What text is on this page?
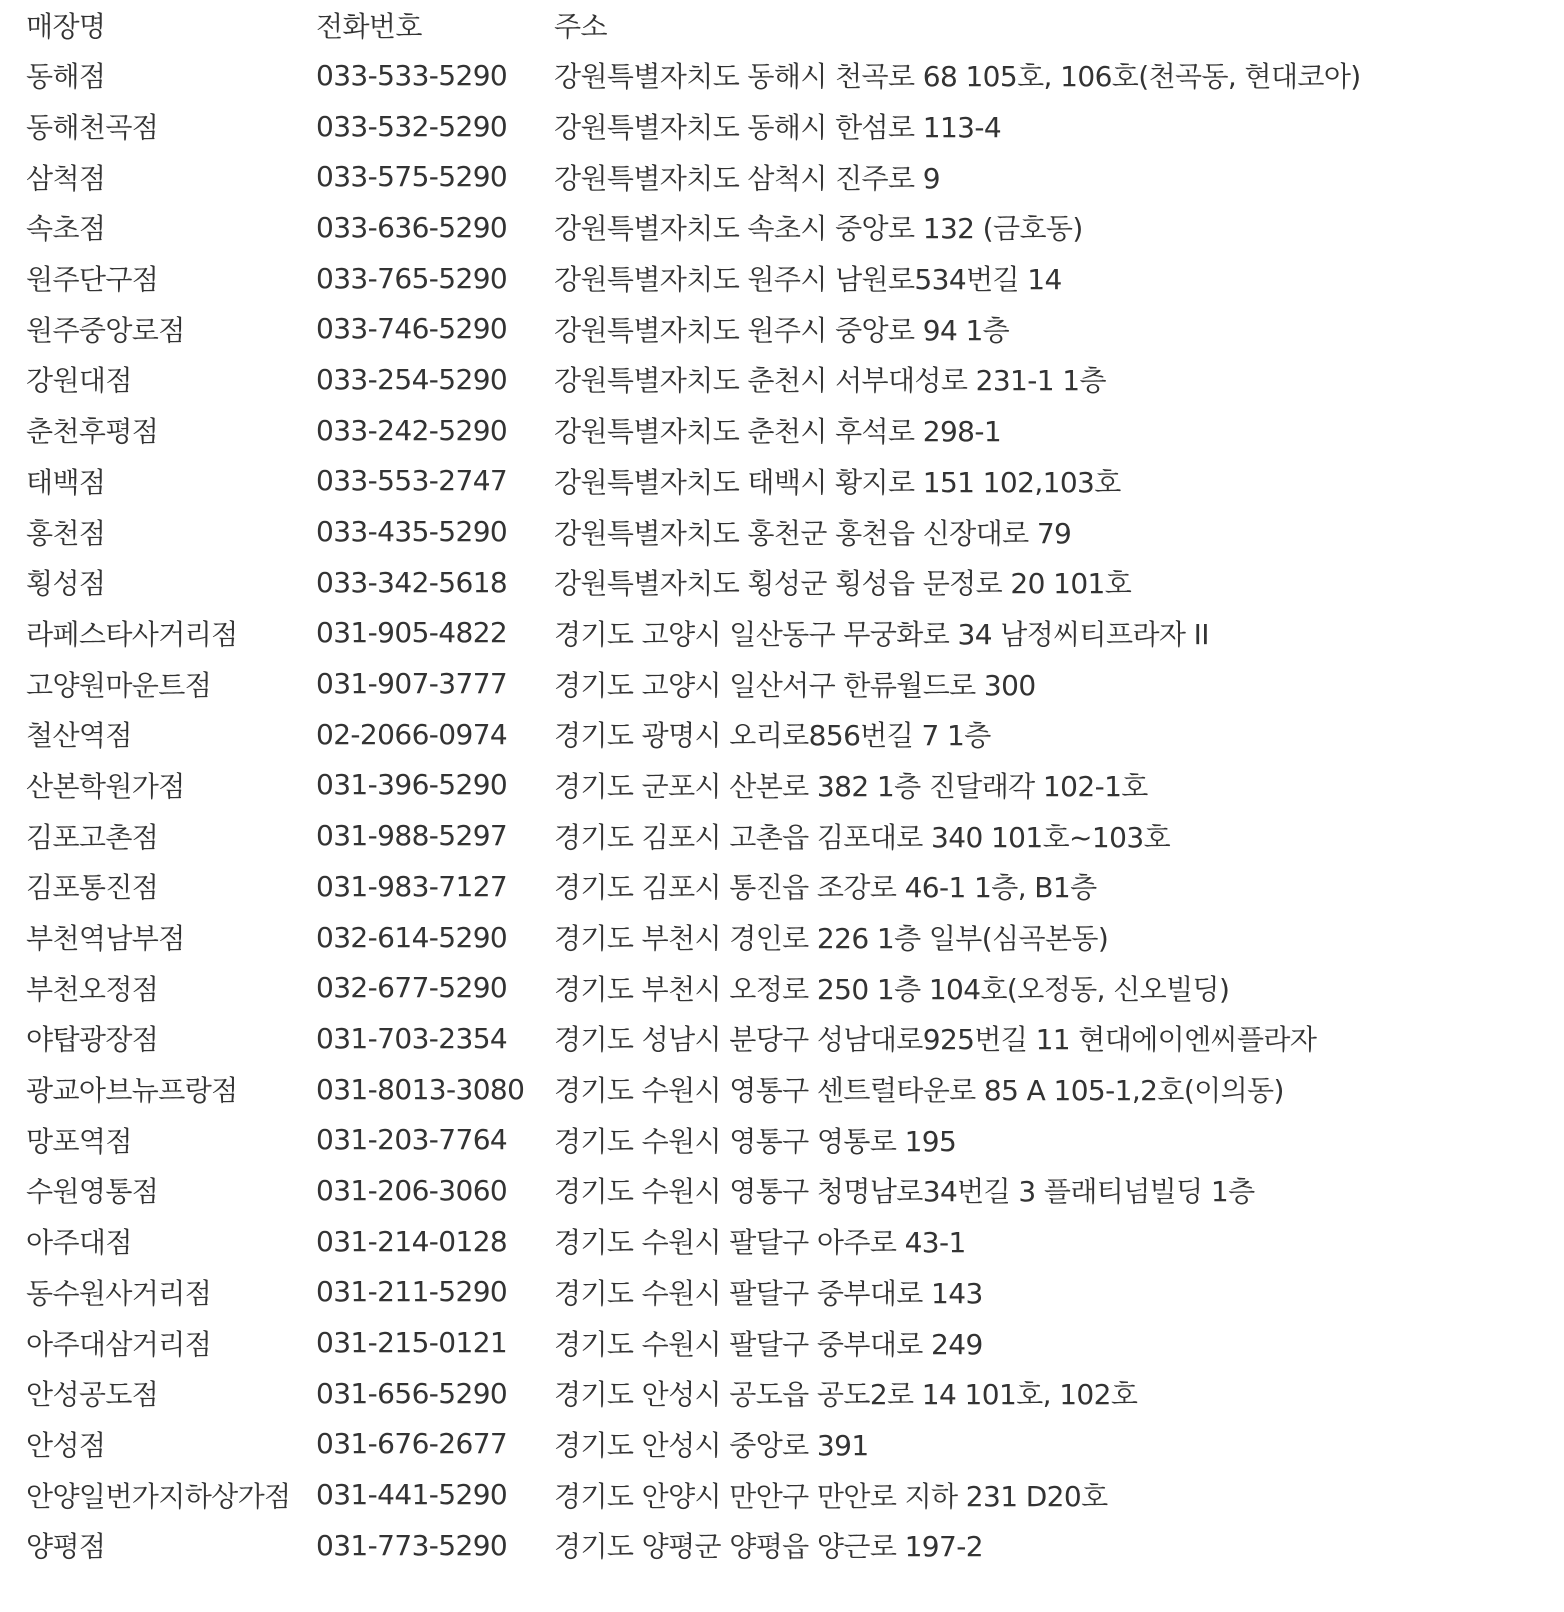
매장명	전화번호	주소
동해점	033-533-5290	강원특별자치도 동해시 천곡로 68 105호, 106호(천곡동, 현대코아)
동해천곡점	033-532-5290	강원특별자치도 동해시 한섬로 113-4
삼척점	033-575-5290	강원특별자치도 삼척시 진주로 9
속초점	033-636-5290	강원특별자치도 속초시 중앙로 132 (금호동)
원주단구점	033-765-5290	강원특별자치도 원주시 남원로534번길 14
원주중앙로점	033-746-5290	강원특별자치도 원주시 중앙로 94 1층
강원대점	033-254-5290	강원특별자치도 춘천시 서부대성로 231-1 1층
춘천후평점	033-242-5290	강원특별자치도 춘천시 후석로 298-1
태백점	033-553-2747	강원특별자치도 태백시 황지로 151 102,103호
홍천점	033-435-5290	강원특별자치도 홍천군 홍천읍 신장대로 79
횡성점	033-342-5618	강원특별자치도 횡성군 횡성읍 문정로 20 101호
라페스타사거리점	031-905-4822	경기도 고양시 일산동구 무궁화로 34 남정씨티프라자 II
고양원마운트점	031-907-3777	경기도 고양시 일산서구 한류월드로 300
철산역점	02-2066-0974	경기도 광명시 오리로856번길 7 1층
산본학원가점	031-396-5290	경기도 군포시 산본로 382 1층 진달래각 102-1호
김포고촌점	031-988-5297	경기도 김포시 고촌읍 김포대로 340 101호~103호
김포통진점	031-983-7127	경기도 김포시 통진읍 조강로 46-1 1층, B1층
부천역남부점	032-614-5290	경기도 부천시 경인로 226 1층 일부(심곡본동)
부천오정점	032-677-5290	경기도 부천시 오정로 250 1층 104호(오정동, 신오빌딩)
야탑광장점	031-703-2354	경기도 성남시 분당구 성남대로925번길 11 현대에이엔씨플라자
광교아브뉴프랑점	031-8013-3080	경기도 수원시 영통구 센트럴타운로 85 A 105-1,2호(이의동)
망포역점	031-203-7764	경기도 수원시 영통구 영통로 195
수원영통점	031-206-3060	경기도 수원시 영통구 청명남로34번길 3 플래티넘빌딩 1층
아주대점	031-214-0128	경기도 수원시 팔달구 아주로 43-1
동수원사거리점	031-211-5290	경기도 수원시 팔달구 중부대로 143
아주대삼거리점	031-215-0121	경기도 수원시 팔달구 중부대로 249
안성공도점	031-656-5290	경기도 안성시 공도읍 공도2로 14 101호, 102호
안성점	031-676-2677	경기도 안성시 중앙로 391
안양일번가지하상가점 031-441-5290	경기도 안양시 만안구 만안로 지하 231 D20호
양평점	031-773-5290	경기도 양평군 양평읍 양근로 197-2
